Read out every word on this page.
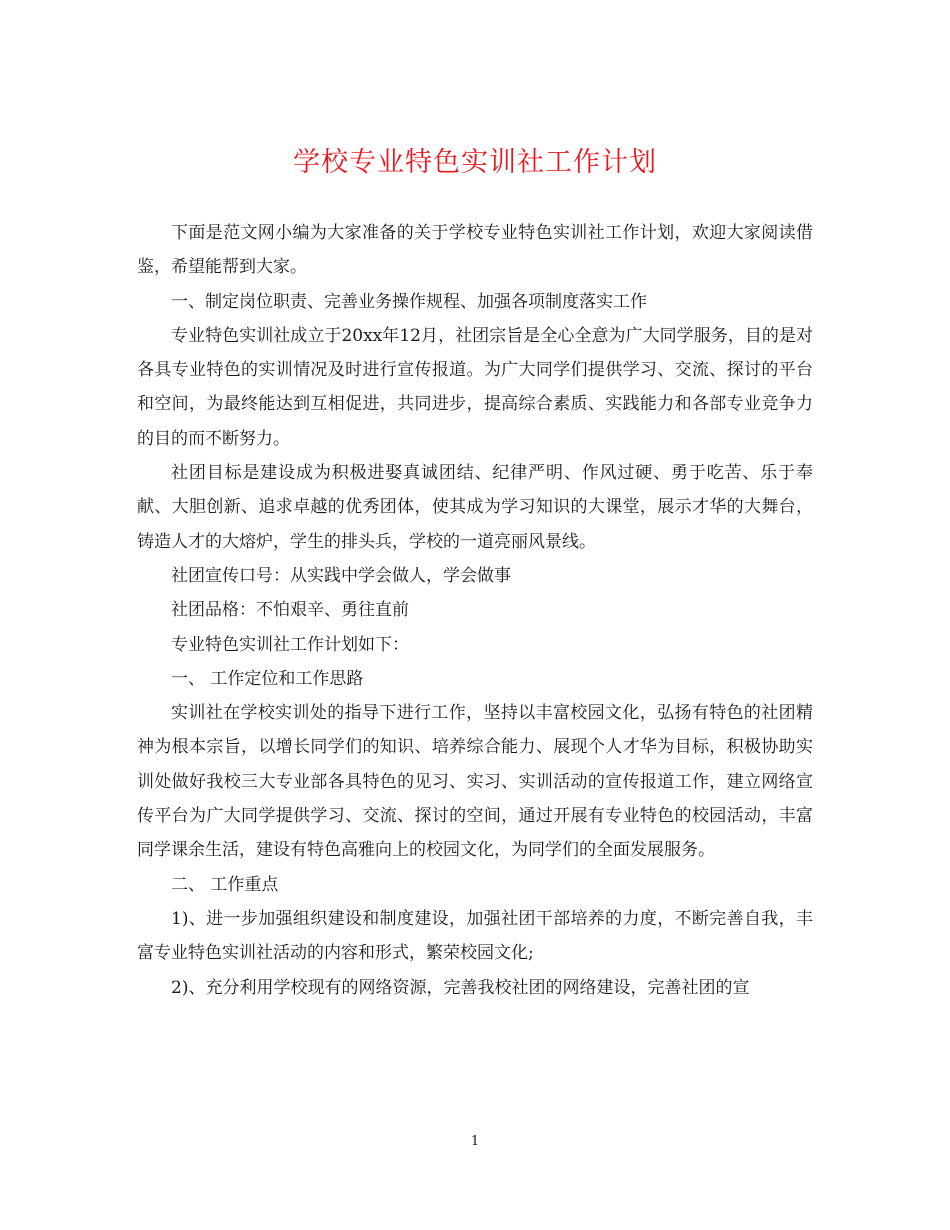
学校专业特色实训社工作计划

下面是范文网小编为大家准备的关于学校专业特色实训社工作计划，欢迎大家阅读借鉴，希望能帮到大家。

一、制定岗位职责、完善业务操作规程、加强各项制度落实工作

专业特色实训社成立于20xx年12月，社团宗旨是全心全意为广大同学服务，目的是对各具专业特色的实训情况及时进行宣传报道。为广大同学们提供学习、交流、探讨的平台和空间，为最终能达到互相促进，共同进步，提高综合素质、实践能力和各部专业竞争力的目的而不断努力。

社团目标是建设成为积极进娶真诚团结、纪律严明、作风过硬、勇于吃苦、乐于奉献、大胆创新、追求卓越的优秀团体，使其成为学习知识的大课堂，展示才华的大舞台，铸造人才的大熔炉，学生的排头兵，学校的一道亮丽风景线。

社团宣传口号：从实践中学会做人，学会做事

社团品格：不怕艰辛、勇往直前

专业特色实训社工作计划如下：

一、 工作定位和工作思路

实训社在学校实训处的指导下进行工作，坚持以丰富校园文化，弘扬有特色的社团精神为根本宗旨，以增长同学们的知识、培养综合能力、展现个人才华为目标，积极协助实训处做好我校三大专业部各具特色的见习、实习、实训活动的宣传报道工作，建立网络宣传平台为广大同学提供学习、交流、探讨的空间，通过开展有专业特色的校园活动，丰富同学课余生活，建设有特色高雅向上的校园文化，为同学们的全面发展服务。

二、 工作重点

1)、进一步加强组织建设和制度建设，加强社团干部培养的力度，不断完善自我，丰富专业特色实训社活动的内容和形式，繁荣校园文化;

2)、充分利用学校现有的网络资源，完善我校社团的网络建设，完善社团的宣

1
